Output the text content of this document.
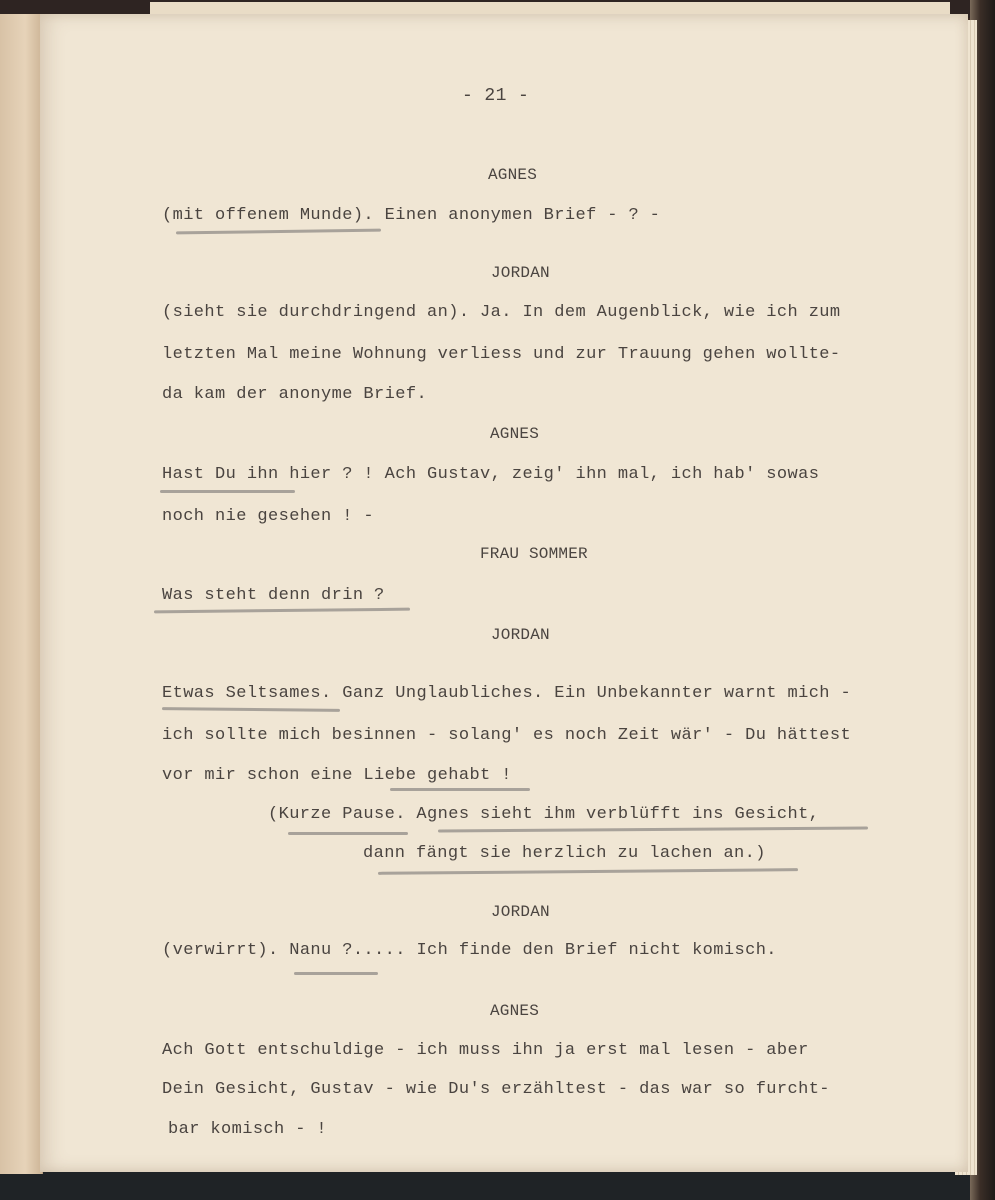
- 21 -
AGNES
(mit offenem Munde). Einen anonymen Brief - ? -
JORDAN
(sieht sie durchdringend an). Ja. In dem Augenblick, wie ich zum
letzten Mal meine Wohnung verliess und zur Trauung gehen wollte-
da kam der anonyme Brief.
AGNES
Hast Du ihn hier ? ! Ach Gustav, zeig' ihn mal, ich hab' sowas
noch nie gesehen ! -
FRAU SOMMER
Was steht denn drin ?
JORDAN
Etwas Seltsames. Ganz Unglaubliches. Ein Unbekannter warnt mich -
ich sollte mich besinnen - solang' es noch Zeit wär' - Du hättest
vor mir schon eine Liebe gehabt !
(Kurze Pause. Agnes sieht ihm verblüfft ins Gesicht,
dann fängt sie herzlich zu lachen an.)
JORDAN
(verwirrt). Nanu ?..... Ich finde den Brief nicht komisch.
AGNES
Ach Gott entschuldige - ich muss ihn ja erst mal lesen - aber
Dein Gesicht, Gustav - wie Du's erzähltest - das war so furcht-
bar komisch - !
